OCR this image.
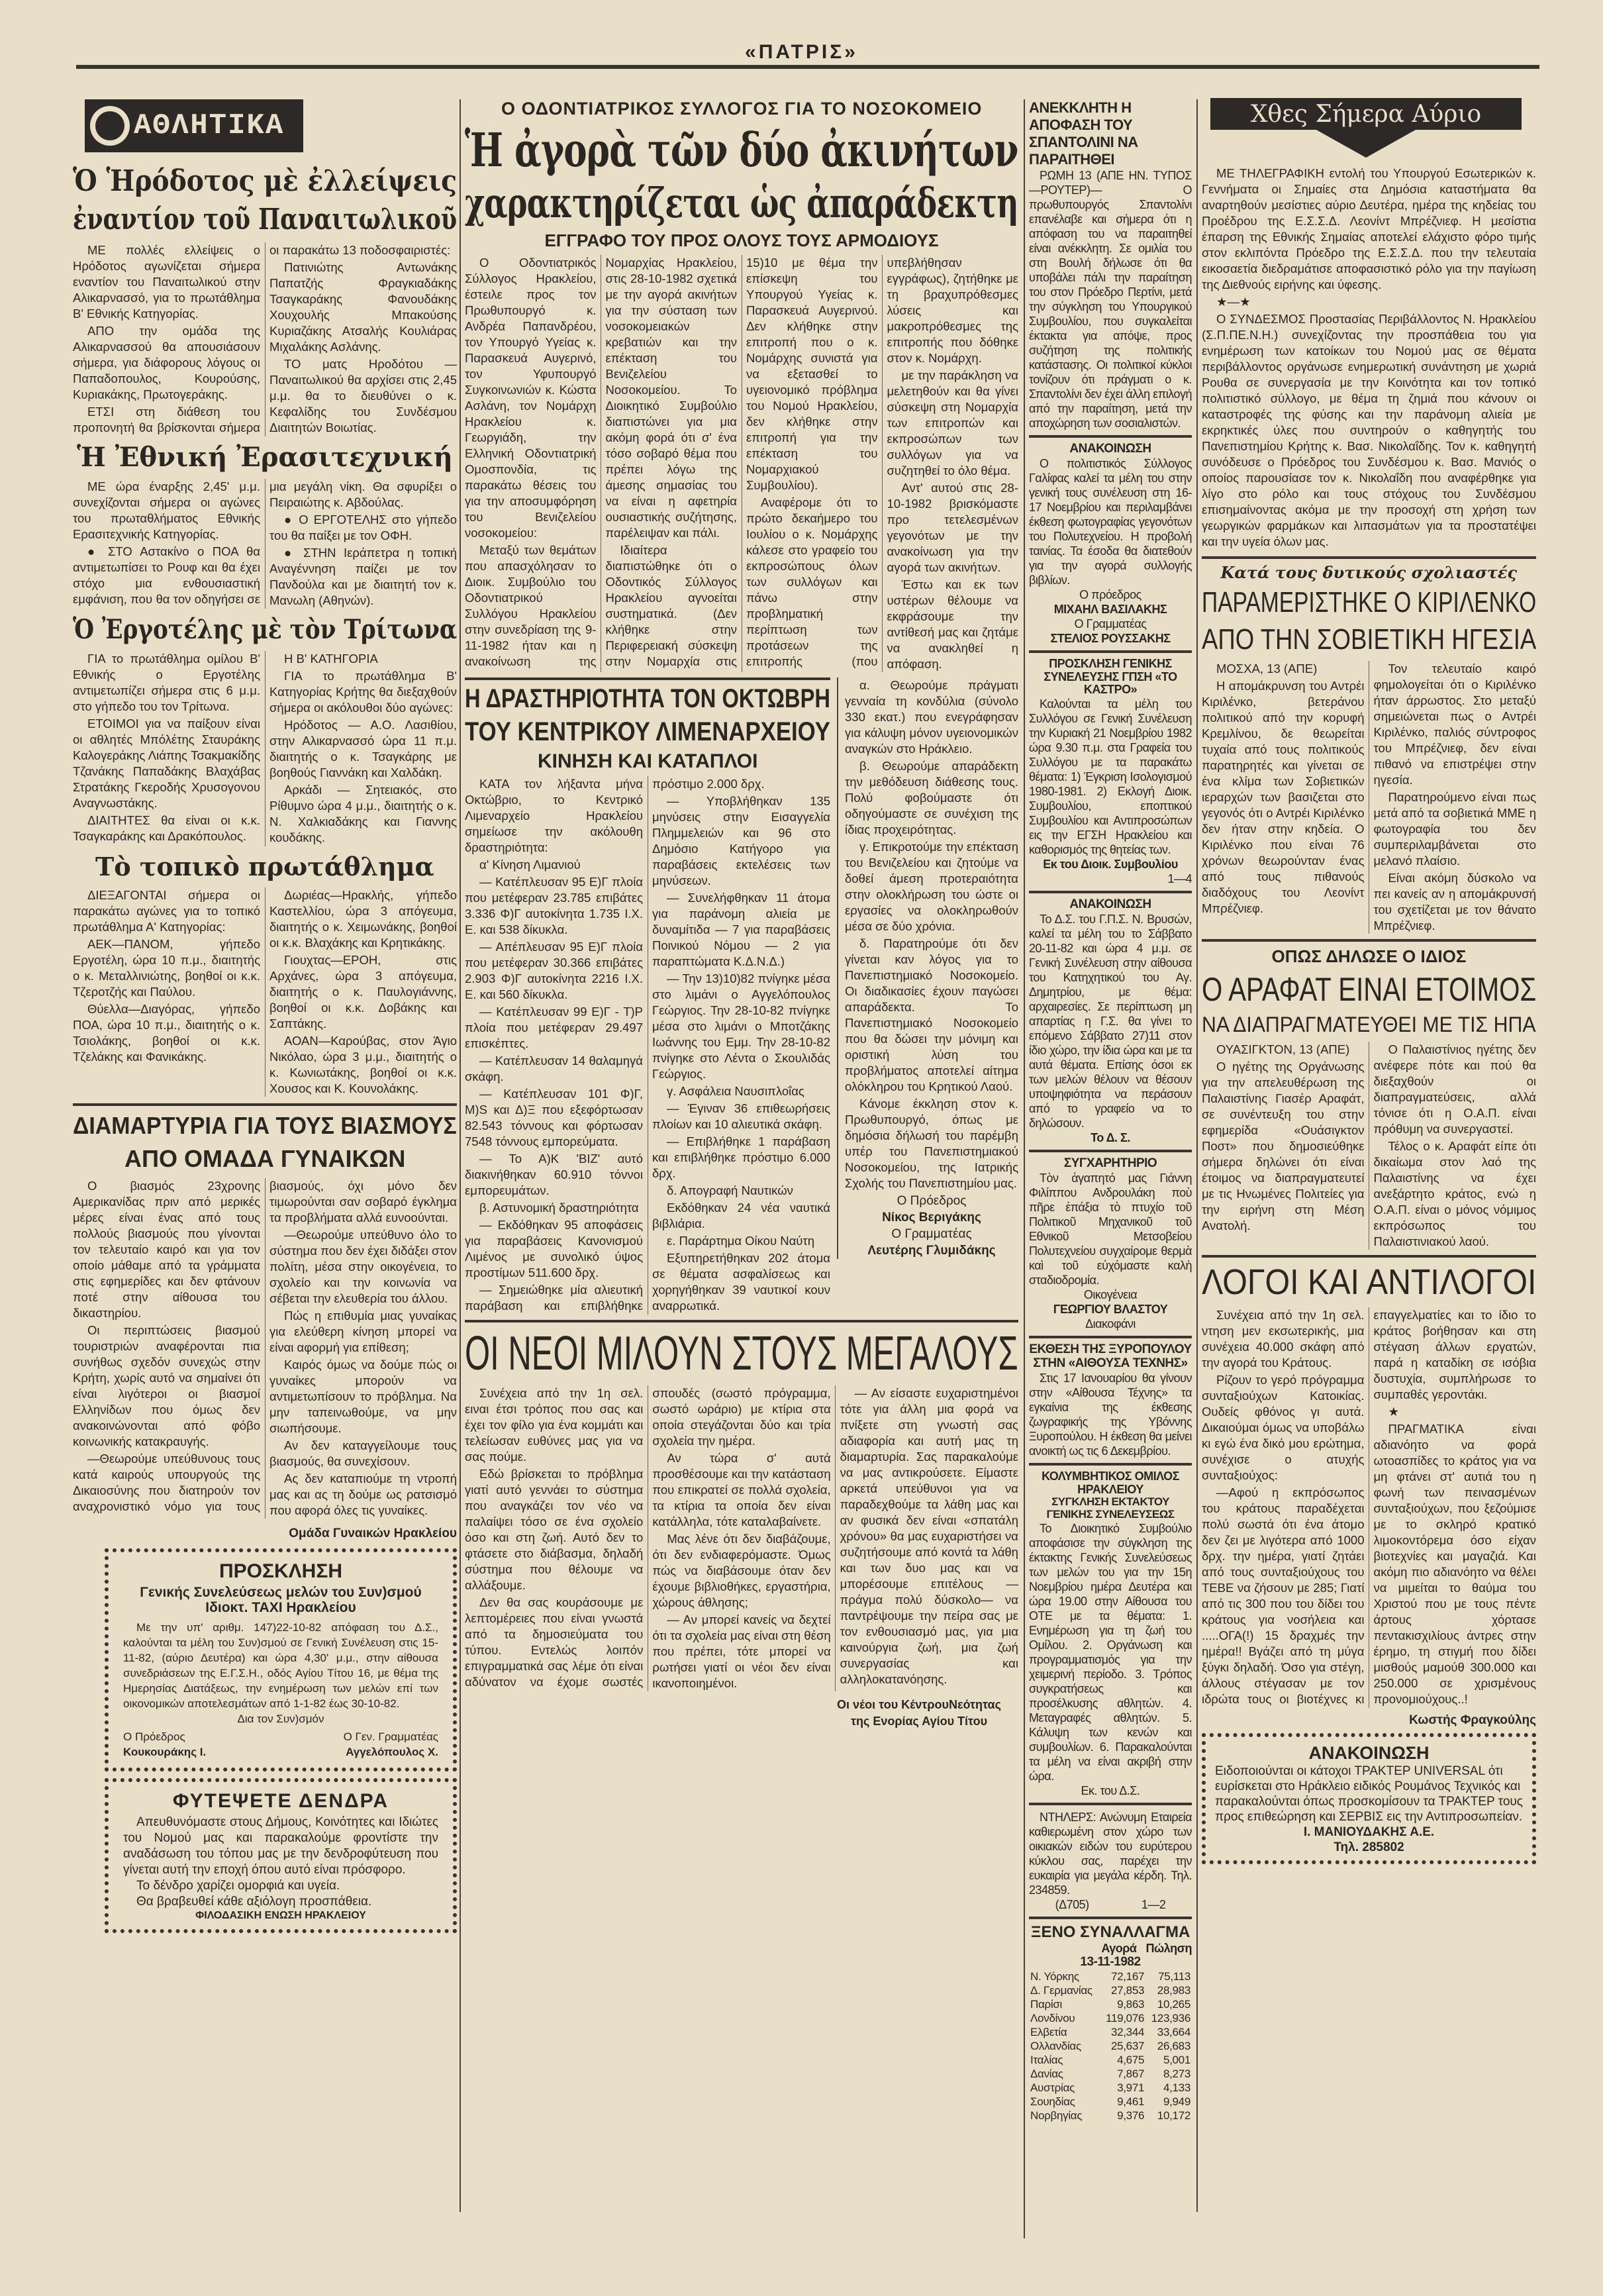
«ΠΑΤΡΙΣ»
ΑΘΛΗΤΙΚΑ
Ὁ Ἡρόδοτος μὲ ἐλλείψεις
ἐναντίον τοῦ Παναιτωλικοῦ

ΜΕ πολλές ελλείψεις ο Ηρόδοτος αγωνίζεται σήμερα εναντίον του Παναιτωλικού στην Αλικαρνασσό, για το πρωτάθλημα Β' Εθνικής Κατηγορίας.

ΑΠΟ την ομάδα της Αλικαρνασσού θα απουσιάσουν σήμερα, για διάφορους λόγους οι Παπαδοπουλος, Κουρούσης, Κυριακάκης, Πρωτογεράκης.

ΕΤΣΙ στη διάθεση του προπονητή θα βρίσκονται σήμερα οι παρακάτω 13 ποδοσφαιριστές:

Πατινιώτης Αντωνάκης Παπατζής Φραγκιαδάκης Τσαγκαράκης Φανουδάκης Χουχουλής Μπακούσης Κυριαζάκης Ατσαλής Κουλιάρας Μιχαλάκης Ασλάνης.

ΤΟ ματς Ηροδότου — Παναιτωλικού θα αρχίσει στις 2,45 μ.μ. θα το διευθύνει ο κ. Κεφαλίδης του Συνδέσμου Διαιτητών Βοιωτίας.

Ἡ Ἐθνική Ἐρασιτεχνική

ΜΕ ώρα έναρξης 2,45' μ.μ. συνεχίζονται σήμερα οι αγώνες του πρωταθλήματος Εθνικής Ερασιτεχνικής Κατηγορίας.

● ΣΤΟ Αστακίνο ο ΠΟΑ θα αντιμετωπίσει το Ρουφ και θα έχει στόχο μια ενθουσιαστική εμφάνιση, που θα τον οδηγήσει σε μια μεγάλη νίκη. Θα σφυρίξει ο Πειραιώτης κ. Αβδούλας.

● Ο ΕΡΓΟΤΕΛΗΣ στο γήπεδο του θα παίξει με τον ΟΦΗ.

● ΣΤΗΝ Ιεράπετρα η τοπική Αναγέννηση παίζει με τον Πανδούλα και με διαιτητή τον κ. Μανωλη (Αθηνών).

Ὁ Ἐργοτέλης μὲ τὸν Τρίτωνα

ΓΙΑ το πρωτάθλημα ομίλου Β' Εθνικής ο Εργοτέλης αντιμετωπίζει σήμερα στις 6 μ.μ. στο γήπεδο του τον Τρίτωνα.

ΕΤΟΙΜΟΙ για να παίξουν είναι οι αθλητές Μπόλέτης Σταυράκης Καλογεράκης Λιάπης Τσακμακίδης Τζανάκης Παπαδάκης Βλαχάβας Στρατάκης Γκεροδής Χρυσογονου Αναγνωστάκης.

ΔΙΑΙΤΗΤΕΣ θα είναι οι κ.κ. Τσαγκαράκης και Δρακόπουλος.

Η Β' ΚΑΤΗΓΟΡΙΑ

ΓΙΑ το πρωτάθλημα Β' Κατηγορίας Κρήτης θα διεξαχθούν σήμερα οι ακόλουθοι δύο αγώνες:

Ηρόδοτος — Α.Ο. Λασιθίου, στην Αλικαρνασσό ώρα 11 π.μ. διαιτητής ο κ. Τσαγκάρης με βοηθούς Γιαννάκη και Χαλδάκη.

Αρκάδι — Σητειακός, στο Ρίθυμνο ώρα 4 μ.μ., διαιτητής ο κ. Ν. Χαλκιαδάκης και Γιαννης κουδάκης.

Τὸ τοπικὸ πρωτάθλημα

ΔΙΕΞΑΓΟΝΤΑΙ σήμερα οι παρακάτω αγώνες για το τοπικό πρωτάθλημα Α' Κατηγορίας:

ΑΕΚ—ΠΑΝΟΜ, γήπεδο Εργοτέλη, ώρα 10 π.μ., διαιτητής ο κ. Μεταλλινιώτης, βοηθοί οι κ.κ. Τζεροτζής και Παύλου.

Θύελλα—Διαγόρας, γήπεδο ΠΟΑ, ώρα 10 π.μ., διαιτητής ο κ. Τσιολάκης, βοηθοί οι κ.κ. Τζελάκης και Φανικάκης.

Δωριέας—Ηρακλής, γήπεδο Καστελλίου, ώρα 3 απόγευμα, διαιτητής ο κ. Χειμωνάκης, βοηθοί οι κ.κ. Βλαχάκης και Κρητικάκης.

Γιουχτας—ΕΡΟΗ, στις Αρχάνες, ώρα 3 απόγευμα, διαιτητής ο κ. Παυλογιάννης, βοηθοί οι κ.κ. Δοβάκης και Σαπτάκης.

ΑΟΑΝ—Καρούβας, στον Άγιο Νικόλαο, ώρα 3 μ.μ., διαιτητής ο κ. Κωνιωτάκης, βοηθοί οι κ.κ. Χουσος και Κ. Κουνολάκης.

ΔΙΑΜΑΡΤΥΡΙΑ ΓΙΑ ΤΟΥΣ ΒΙΑΣΜΟΥΣ
ΑΠΟ ΟΜΑΔΑ ΓΥΝΑΙΚΩΝ

Ο βιασμός 23χρονης Αμερικανίδας πριν από μερικές μέρες είναι ένας από τους πολλούς βιασμούς που γίνονται τον τελευταίο καιρό και για τον οποίο μάθαμε από τα γράμματα στις εφημερίδες και δεν φτάνουν ποτέ στην αίθουσα του δικαστηρίου.

Οι περιπτώσεις βιασμού τουριστριών αναφέρονται πια συνήθως σχεδόν συνεχώς στην Κρήτη, χωρίς αυτό να σημαίνει ότι είναι λιγότεροι οι βιασμοί Ελληνίδων που όμως δεν ανακοινώνονται από φόβο κοινωνικής κατακραυγής.

—Θεωρούμε υπεύθυνους τους κατά καιρούς υπουργούς της Δικαιοσύνης που διατηρούν τον αναχρονιστικό νόμο για τους βιασμούς, όχι μόνο δεν τιμωρούνται σαν σοβαρό έγκλημα τα προβλήματα αλλά ευνοούνται.

—Θεωρούμε υπεύθυνο όλο το σύστημα που δεν έχει διδάξει στον πολίτη, μέσα στην οικογένεια, το σχολείο και την κοινωνία να σέβεται την ελευθερία του άλλου.

Πώς η επιθυμία μιας γυναίκας για ελεύθερη κίνηση μπορεί να είναι αφορμή για επίθεση;

Καιρός όμως να δούμε πώς οι γυναίκες μπορούν να αντιμετωπίσουν το πρόβλημα. Να μην ταπεινωθούμε, να μην σιωπήσουμε.

Αν δεν καταγγείλουμε τους βιασμούς, θα συνεχίσουν.

Ας δεν καταπιούμε τη ντροπή μας και ας τη δούμε ως ρατσισμό που αφορά όλες τις γυναίκες.

Ομάδα Γυναικών Ηρακλείου
ΠΡΟΣΚΛΗΣΗ
Γενικής Συνελεύσεως μελών του Συν)σμού
Ιδιοκτ. ΤΑΧΙ Ηρακλείου
Με την υπ' αριθμ. 147)22-10-82 απόφαση του Δ.Σ., καλούνται τα μέλη του Συν)σμού σε Γενική Συνέλευση στις 15-11-82, (αύριο Δευτέρα) και ώρα 4,30' μ.μ., στην αίθουσα συνεδριάσεων της Ε.Γ.Σ.Η., οδός Αγίου Τίτου 16, με θέμα της Ημερησίας Διατάξεως, την ενημέρωση των μελών επί των οικονομικών αποτελεσμάτων από 1-1-82 έως 30-10-82.
Δια τον Συν)σμόν
Ο Πρόεδρος
Κουκουράκης Ι.
Ο Γεν. Γραμματέας
Αγγελόπουλος Χ.
ΦΥΤΕΨΕΤΕ ΔΕΝΔΡΑ
Απευθυνόμαστε στους Δήμους, Κοινότητες και Ιδιώτες του Νομού μας και παρακαλούμε φροντίστε την αναδάσωση του τόπου μας με την δενδροφύτευση που γίνεται αυτή την εποχή όπου αυτό είναι πρόσφορο.
Το δένδρο χαρίζει ομορφιά και υγεία.
Θα βραβευθεί κάθε αξιόλογη προσπάθεια.
ΦΙΛΟΔΑΣΙΚΗ ΕΝΩΣΗ ΗΡΑΚΛΕΙΟΥ
Ο ΟΔΟΝΤΙΑΤΡΙΚΟΣ ΣΥΛΛΟΓΟΣ ΓΙΑ ΤΟ ΝΟΣΟΚΟΜΕΙΟ
Ἡ ἀγορὰ τῶν δύο ἀκινήτων
χαρακτηρίζεται ὡς ἀπαράδεκτη
ΕΓΓΡΑΦΟ ΤΟΥ ΠΡΟΣ ΟΛΟΥΣ ΤΟΥΣ ΑΡΜΟΔΙΟΥΣ

Ο Οδοντιατρικός Σύλλογος Ηρακλείου, έστειλε προς τον Πρωθυπουργό κ. Ανδρέα Παπανδρέου, τον Υπουργό Υγείας κ. Παρασκευά Αυγερινό, τον Υφυπουργό Συγκοινωνιών κ. Κώστα Ασλάνη, τον Νομάρχη Ηρακλείου κ. Γεωργιάδη, την Ελληνική Οδοντιατρική Ομοσπονδία, τις παρακάτω θέσεις του για την αποσυμφόρηση του Βενιζελείου νοσοκομείου:

Μεταξύ των θεμάτων που απασχόλησαν το Διοικ. Συμβούλιο του Οδοντιατρικού Συλλόγου Ηρακλείου στην συνεδρίαση της 9-11-1982 ήταν και η ανακοίνωση της Νομαρχίας Ηρακλείου, στις 28-10-1982 σχετικά με την αγορά ακινήτων για την σύσταση των νοσοκομειακών κρεβατιών και την επέκταση του Βενιζελείου Νοσοκομείου. Το Διοικητικό Συμβούλιο διαπιστώνει για μια ακόμη φορά ότι σ' ένα τόσο σοβαρό θέμα που πρέπει λόγω της άμεσης σημασίας του να είναι η αφετηρία ουσιαστικής συζήτησης, παρέλειψαν και πάλι.

Ιδιαίτερα διαπιστώθηκε ότι ο Οδοντικός Σύλλογος Ηρακλείου αγνοείται συστηματικά. (Δεν κλήθηκε στην Περιφερειακή σύσκεψη στην Νομαρχία στις 15)10 με θέμα την επίσκεψη του Υπουργού Υγείας κ. Παρασκευά Αυγερινού. Δεν κλήθηκε στην επιτροπή που ο κ. Νομάρχης συνιστά για να εξετασθεί το υγειονομικό πρόβλημα του Νομού Ηρακλείου, δεν κλήθηκε στην επιτροπή για την επέκταση του Νομαρχιακού Συμβουλίου).

Αναφέρομε ότι το πρώτο δεκαήμερο του Ιουλίου ο κ. Νομάρχης κάλεσε στο γραφείο του εκπροσώπους όλων των συλλόγων και πάνω στην προβληματική περίπτωση των προτάσεων της επιτροπής (που υπεβλήθησαν εγγράφως), ζητήθηκε με τη βραχυπρόθεσμες λύσεις και μακροπρόθεσμες της επιτροπής που δόθηκε στον κ. Νομάρχη.

με την παράκληση να μελετηθούν και θα γίνει σύσκεψη στη Νομαρχία των επιτροπών και εκπροσώπων των συλλόγων για να συζητηθεί το όλο θέμα.

Αντ' αυτού στις 28-10-1982 βρισκόμαστε προ τετελεσμένων γεγονότων με την ανακοίνωση για την αγορά των ακινήτων.

Έστω και εκ των υστέρων θέλουμε να εκφράσουμε την αντίθεσή μας και ζητάμε να ανακληθεί η απόφαση.

Η ΔΡΑΣΤΗΡΙΟΤΗΤΑ ΤΟΝ ΟΚΤΩΒΡΗ
ΤΟΥ ΚΕΝΤΡΙΚΟΥ ΛΙΜΕΝΑΡΧΕΙΟΥ
ΚΙΝΗΣΗ ΚΑΙ ΚΑΤΑΠΛΟΙ

ΚΑΤΑ τον λήξαντα μήνα Οκτώβριο, το Κεντρικό Λιμεναρχείο Ηρακλείου σημείωσε την ακόλουθη δραστηριότητα:

α' Κίνηση Λιμανιού

— Κατέπλευσαν 95 Ε)Γ πλοία που μετέφεραν 23.785 επιβάτες 3.336 Φ)Γ αυτοκίνητα 1.735 Ι.Χ. Ε. και 538 δίκυκλα.

— Απέπλευσαν 95 Ε)Γ πλοία που μετέφεραν 30.366 επιβάτες 2.903 Φ)Γ αυτοκίνητα 2216 Ι.Χ. Ε. και 560 δίκυκλα.

— Κατέπλευσαν 99 Ε)Γ - Τ)Ρ πλοία που μετέφεραν 29.497 επισκέπτες.

— Κατέπλευσαν 14 θαλαμηγά σκάφη.

— Κατέπλευσαν 101 Φ)Γ, Μ)S και Δ)Ξ που εξεφόρτωσαν 82.543 τόννους και φόρτωσαν 7548 τόννους εμπορεύματα.

— Το Α)Κ 'ΒΙΖ' αυτό διακινήθηκαν 60.910 τόννοι εμπορευμάτων.

β. Αστυνομική δραστηριότητα

— Εκδόθηκαν 95 αποφάσεις για παραβάσεις Κανονισμού Λιμένος με συνολικό ύψος προστίμων 511.600 δρχ.

— Σημειώθηκε μία αλιευτική παράβαση και επιβλήθηκε πρόστιμο 2.000 δρχ.

— Υποβλήθηκαν 135 μηνύσεις στην Εισαγγελία Πλημμελειών και 96 στο Δημόσιο Κατήγορο για παραβάσεις εκτελέσεις των μηνύσεων.

— Συνελήφθηκαν 11 άτομα για παράνομη αλιεία με δυναμίτιδα — 7 για παραβάσεις Ποινικού Νόμου — 2 για παραπτώματα Κ.Δ.Ν.Δ.)

— Την 13)10)82 πνίγηκε μέσα στο λιμάνι ο Αγγελόπουλος Γεώργιος. Την 28-10-82 πνίγηκε μέσα στο λιμάνι ο Μποτζάκης Ιωάννης του Εμμ. Την 28-10-82 πνίγηκε στο Λέντα ο Σκουλιδάς Γεώργιος.

γ. Ασφάλεια Ναυσιπλοΐας

— Έγιναν 36 επιθεωρήσεις πλοίων και 10 αλιευτικά σκάφη.

— Επιβλήθηκε 1 παράβαση και επιβλήθηκε πρόστιμο 6.000 δρχ.

δ. Απογραφή Ναυτικών

Εκδόθηκαν 24 νέα ναυτικά βιβλιάρια.

ε. Παράρτημα Οίκου Ναύτη

Εξυπηρετήθηκαν 202 άτομα σε θέματα ασφαλίσεως και χορηγήθηκαν 39 ναυτικοί κουν αναρρωτικά.

α. Θεωρούμε πράγματι γενναία τη κονδύλια (σύνολο 330 εκατ.) που ενεγράφησαν για κάλυψη μόνον υγειονομικών αναγκών στο Ηράκλειο.

β. Θεωρούμε απαράδεκτη την μεθόδευση διάθεσης τους. Πολύ φοβούμαστε ότι οδηγούμαστε σε συνέχιση της ίδιας προχειρότητας.

γ. Επικροτούμε την επέκταση του Βενιζελείου και ζητούμε να δοθεί άμεση προτεραιότητα στην ολοκλήρωση του ώστε οι εργασίες να ολοκληρωθούν μέσα σε δύο χρόνια.

δ. Παρατηρούμε ότι δεν γίνεται καν λόγος για το Πανεπιστημιακό Νοσοκομείο. Οι διαδικασίες έχουν παγώσει απαράδεκτα. Το Πανεπιστημιακό Νοσοκομείο που θα δώσει την μόνιμη και οριστική λύση του προβλήματος αποτελεί αίτημα ολόκληρου του Κρητικού Λαού.

Κάνομε έκκληση στον κ. Πρωθυπουργό, όπως με δημόσια δήλωσή του παρέμβη υπέρ του Πανεπιστημιακού Νοσοκομείου, της Ιατρικής Σχολής του Πανεπιστημίου μας.

Ο Πρόεδρος
Νίκος Βεριγάκης
Ο Γραμματέας
Λευτέρης Γλυμιδάκης
ΟΙ ΝΕΟΙ ΜΙΛΟΥΝ ΣΤΟΥΣ ΜΕΓΑΛΟΥΣ

Συνέχεια από την 1η σελ. ειναι έτσι τρόπος που σας και έχει τον φίλο για ένα κομμάτι και τελείωσαν ευθύνες μας για να σας πούμε.

Εδώ βρίσκεται το πρόβλημα γιατί αυτό γεννάει το σύστημα που αναγκάζει τον νέο να παλαίψει τόσο σε ένα σχολείο όσο και στη ζωή. Αυτό δεν το φτάσετε στο διάβασμα, δηλαδή σύστημα που θέλουμε να αλλάξουμε.

Δεν θα σας κουράσουμε με λεπτομέρειες που είναι γνωστά από τα δημοσιεύματα του τύπου. Εντελώς λοιπόν επιγραμματικά σας λέμε ότι είναι αδύνατον να έχομε σωστές σπουδές (σωστό πρόγραμμα, σωστό ωράριο) με κτίρια στα οποία στεγάζονται δύο και τρία σχολεία την ημέρα.

Αν τώρα σ' αυτά προσθέσουμε και την κατάσταση που επικρατεί σε πολλά σχολεία, τα κτίρια τα οποία δεν είναι κατάλληλα, τότε καταλαβαίνετε.

Μας λένε ότι δεν διαβάζουμε, ότι δεν ενδιαφερόμαστε. Όμως πώς να διαβάσουμε όταν δεν έχουμε βιβλιοθήκες, εργαστήρια, χώρους άθλησης;

— Αν μπορεί κανείς να δεχτεί ότι τα σχολεία μας είναι στη θέση που πρέπει, τότε μπορεί να ρωτήσει γιατί οι νέοι δεν είναι ικανοποιημένοι.

— Αν είσαστε ευχαριστημένοι τότε για άλλη μια φορά να πνίξετε στη γνωστή σας αδιαφορία και αυτή μας τη διαμαρτυρία. Σας παρακαλούμε να μας αντικρούσετε. Είμαστε αρκετά υπεύθυνοι για να παραδεχθούμε τα λάθη μας και αν φυσικά δεν είναι «σπατάλη χρόνου» θα μας ευχαριστήσει να συζητήσουμε από κοντά τα λάθη και των δυο μας και να μπορέσουμε επιτέλους —πράγμα πολύ δύσκολο— να παντρέψουμε την πείρα σας με τον ενθουσιασμό μας, για μια καινούργια ζωή, μια ζωή συνεργασίας και αλληλοκατανόησης.

Οι νέοι του ΚέντρουΝεότητας
της Ενορίας Αγίου Τίτου
ΑΝΕΚΚΛΗΤΗ Η ΑΠΟΦΑΣΗ ΤΟΥ ΣΠΑΝΤΟΛΙΝΙ ΝΑ ΠΑΡΑΙΤΗΘΕΙ
ΡΩΜΗ 13 (ΑΠΕ ΗΝ. ΤΥΠΟΣ —ΡΟΥΤΕΡ)— Ο πρωθυπουργός Σπαντολίνι επανέλαβε και σήμερα ότι η απόφαση του να παραιτηθεί είναι ανέκκλητη. Σε ομιλία του στη Βουλή δήλωσε ότι θα υποβάλει πάλι την παραίτηση του στον Πρόεδρο Περτίνι, μετά την σύγκληση του Υπουργικού Συμβουλίου, που συγκαλείται έκτακτα για απόψε, προς συζήτηση της πολιτικής κατάστασης. Οι πολιτικοί κύκλοι τονίζουν ότι πράγματι ο κ. Σπαντολίνι δεν έχει άλλη επιλογή από την παραίτηση, μετά την αποχώρηση των σοσιαλιστών.
ΑΝΑΚΟΙΝΩΣΗ
Ο πολιτιστικός Σύλλογος Γαλίφας καλεί τα μέλη του στην γενική τους συνέλευση στη 16-17 Νοεμβρίου και περιλαμβάνει έκθεση φωτογραφίας γεγονότων του Πολυτεχνείου. Η προβολή ταινίας. Τα έσοδα θα διατεθούν για την αγορά συλλογής βιβλίων.
Ο πρόεδρος
ΜΙΧΑΗΛ ΒΑΣΙΛΑΚΗΣ
Ο Γραμματέας
ΣΤΕΛΙΟΣ ΡΟΥΣΣΑΚΗΣ
ΠΡΟΣΚΛΗΣΗ ΓΕΝΙΚΗΣ ΣΥΝΕΛΕΥΣΗΣ ΓΠΣΗ «ΤΟ ΚΑΣΤΡΟ»
Καλούνται τα μέλη του Συλλόγου σε Γενική Συνέλευση την Κυριακή 21 Νοεμβρίου 1982 ώρα 9.30 π.μ. στα Γραφεία του Συλλόγου με τα παρακάτω θέματα: 1) Έγκριση Ισολογισμού 1980-1981. 2) Εκλογή Διοικ. Συμβουλίου, εποπτικού Συμβουλίου και Αντιπροσώπων εις την ΕΓΣΗ Ηρακλείου και καθορισμός της θητείας των.
Εκ του Διοικ. Συμβουλίου
1—4
ΑΝΑΚΟΙΝΩΣΗ
Το Δ.Σ. του Γ.Π.Σ. Ν. Βρυσών, καλεί τα μέλη του το Σάββατο 20-11-82 και ώρα 4 μ.μ. σε Γενική Συνέλευση στην αίθουσα του Κατηχητικού του Αγ. Δημητρίου, με θέμα: αρχαιρεσίες. Σε περίπτωση μη απαρτίας η Γ.Σ. θα γίνει το επόμενο Σάββατο 27)11 στον ίδιο χώρο, την ίδια ώρα και με τα αυτά θέματα. Επίσης όσοι εκ των μελών θέλουν να θέσουν υποψηφιότητα να περάσουν από το γραφείο να το δηλώσουν.
Το Δ. Σ.
ΣΥΓΧΑΡΗΤΗΡΙΟ
Τὸν ἀγαπητό μας Γιάννη Φιλίππου Ανδρουλάκη ποὺ πῆρε ἐπάξια τὸ πτυχίο τοῦ Πολιτικοῦ Μηχανικοῦ τοῦ Εθνικοῦ Μετσοβείου Πολυτεχνείου συγχαίρομε θερμὰ καὶ τοῦ εὐχόμαστε καλὴ σταδιοδρομία.
Οικογένεια
ΓΕΩΡΓΙΟΥ ΒΛΑΣΤΟΥ
Διακοφάνι
ΕΚΘΕΣΗ ΤΗΣ ΞΥΡΟΠΟΥΛΟΥ ΣΤΗΝ «ΑΙΘΟΥΣΑ ΤΕΧΝΗΣ»
Στις 17 Ιανουαρίου θα γίνουν στην «Αίθουσα Τέχνης» τα εγκαίνια της έκθεσης ζωγραφικής της Υβόννης Ξυροπούλου. Η έκθεση θα μείνει ανοικτή ως τις 6 Δεκεμβρίου.
ΚΟΛΥΜΒΗΤΙΚΟΣ ΟΜΙΛΟΣ ΗΡΑΚΛΕΙΟΥ
ΣΥΓΚΛΗΣΗ ΕΚΤΑΚΤΟΥ ΓΕΝΙΚΗΣ ΣΥΝΕΛΕΥΣΕΩΣ
Το Διοικητικό Συμβούλιο αποφάσισε την σύγκληση της έκτακτης Γενικής Συνελεύσεως των μελών του για την 15η Νοεμβρίου ημέρα Δευτέρα και ώρα 19.00 στην Αίθουσα του ΟΤΕ με τα θέματα: 1. Ενημέρωση για τη ζωή του Ομίλου. 2. Οργάνωση και προγραμματισμός για την χειμερινή περίοδο. 3. Τρόπος συγκρατήσεως και προσέλκυσης αθλητών. 4. Μεταγραφές αθλητών. 5. Κάλυψη των κενών και συμβουλίων. 6. Παρακαλούνται τα μέλη να είναι ακριβή στην ώρα.
Εκ. του Δ.Σ.
ΝΤΗΛΕΡΣ: Ανώνυμη Εταιρεία καθιερωμένη στον χώρο των οικιακών ειδών του ευρύτερου κύκλου σας, παρέχει την ευκαιρία για μεγάλα κέρδη. Τηλ. 234859.
(Δ705)	1—2
ΞΕΝΟ ΣΥΝΑΛΛΑΓΜΑ
Αγορά Πώληση
13-11-1982
Ν. Υόρκης	72,167	75,113
Δ. Γερμανίας	27,853	28,983
Παρίσι	9,863	10,265
Λονδίνου	119,076	123,936
Ελβετία	32,344	33,664
Ολλανδίας	25,637	26,683
Ιταλίας	4,675	5,001
Δανίας	7,867	8,273
Αυστρίας	3,971	4,133
Σουηδίας	9,461	9,949
Νορβηγίας	9,376	10,172
Χθες Σήμερα Αύριο

ΜΕ ΤΗΛΕΓΡΑΦΙΚΗ εντολή του Υπουργού Εσωτερικών κ. Γεννήματα οι Σημαίες στα Δημόσια καταστήματα θα αναρτηθούν μεσίστιες αύριο Δευτέρα, ημέρα της κηδείας του Προέδρου της Ε.Σ.Σ.Δ. Λεονίντ Μπρέζνιεφ. Η μεσίστια έπαρση της Εθνικής Σημαίας αποτελεί ελάχιστο φόρο τιμής στον εκλιπόντα Πρόεδρο της Ε.Σ.Σ.Δ. που την τελευταία εικοσαετία διεδραμάτισε αποφασιστικό ρόλο για την παγίωση της Διεθνούς ειρήνης και ύφεσης.

★—★

Ο ΣΥΝΔΕΣΜΟΣ Προστασίας Περιβάλλοντος Ν. Ηρακλείου (Σ.Π.ΠΕ.Ν.Η.) συνεχίζοντας την προσπάθεια του για ενημέρωση των κατοίκων του Νομού μας σε θέματα περιβάλλοντος οργάνωσε ενημερωτική συνάντηση με χωριά Ρουθα σε συνεργασία με την Κοινότητα και τον τοπικό πολιτιστικό σύλλογο, με θέμα τη ζημιά που κάνουν οι καταστροφές της φύσης και την παράνομη αλιεία με εκρηκτικές ύλες που συντηρούν ο καθηγητής του Πανεπιστημίου Κρήτης κ. Βασ. Νικολαΐδης. Τον κ. καθηγητή συνόδευσε ο Πρόεδρος του Συνδέσμου κ. Βασ. Μανιός ο οποίος παρουσίασε τον κ. Νικολαΐδη που αναφέρθηκε για λίγο στο ρόλο και τους στόχους του Συνδέσμου επισημαίνοντας ακόμα με την προσοχή στη χρήση των γεωργικών φαρμάκων και λιπασμάτων για τα προστατέψει και την υγεία όλων μας.

Κατά τους δυτικούς σχολιαστές
ΠΑΡΑΜΕΡΙΣΤΗΚΕ Ο ΚΙΡΙΛΕΝΚΟ
ΑΠΟ ΤΗΝ ΣΟΒΙΕΤΙΚΗ ΗΓΕΣΙΑ

ΜΟΣΧΑ, 13 (ΑΠΕ)

Η απομάκρυνση του Αντρέι Κιριλένκο, βετεράνου πολιτικού από την κορυφή Κρεμλίνου, δε θεωρείται τυχαία από τους πολιτικούς παρατηρητές και γίνεται σε ένα κλίμα των Σοβιετικών ιεραρχών των βασιζεται στο γεγονός ότι ο Αντρέι Κιριλένκο δεν ήταν στην κηδεία. Ο Κιριλένκο που είναι 76 χρόνων θεωρούνταν ένας από τους πιθανούς διαδόχους του Λεονίντ Μπρέζνιεφ.

Τον τελευταίο καιρό φημολογείται ότι ο Κιριλένκο ήταν άρρωστος. Στο μεταξύ σημειώνεται πως ο Αντρέι Κιριλένκο, παλιός σύντροφος του Μπρέζνιεφ, δεν είναι πιθανό να επιστρέψει στην ηγεσία.

Παρατηρούμενο είναι πως μετά από τα σοβιετικά ΜΜΕ η φωτογραφία του δεν συμπεριλαμβάνεται στο μελανό πλαίσιο.

Είναι ακόμη δύσκολο να πει κανείς αν η απομάκρυνσή του σχετίζεται με τον θάνατο Μπρέζνιεφ.

ΟΠΩΣ ΔΗΛΩΣΕ Ο ΙΔΙΟΣ
Ο ΑΡΑΦΑΤ ΕΙΝΑΙ ΕΤΟΙΜΟΣ
ΝΑ ΔΙΑΠΡΑΓΜΑΤΕΥΘΕΙ ΜΕ ΤΙΣ ΗΠΑ

ΟΥΑΣΙΓΚΤΟΝ, 13 (ΑΠΕ)

Ο ηγέτης της Οργάνωσης για την απελευθέρωση της Παλαιστίνης Γιασέρ Αραφάτ, σε συνέντευξη του στην εφημερίδα «Ουάσιγκτον Ποστ» που δημοσιεύθηκε σήμερα δηλώνει ότι είναι έτοιμος να διαπραγματευτεί με τις Ηνωμένες Πολιτείες για την ειρήνη στη Μέση Ανατολή.

Ο Παλαιστίνιος ηγέτης δεν ανέφερε πότε και πού θα διεξαχθούν οι διαπραγματεύσεις, αλλά τόνισε ότι η Ο.Α.Π. είναι πρόθυμη να συνεργαστεί.

Τέλος ο κ. Αραφάτ είπε ότι δικαίωμα στον λαό της Παλαιστίνης να έχει ανεξάρτητο κράτος, ενώ η Ο.Α.Π. είναι ο μόνος νόμιμος εκπρόσωπος του Παλαιστινιακού λαού.

ΛΟΓΟΙ ΚΑΙ ΑΝΤΙΛΟΓΟΙ

Συνέχεια από την 1η σελ. ντηση μεν εκσωτερικής, μια συνέχεια 40.000 σκάφη από την αγορά του Κράτους.

Ρίζουν το γερό πρόγραμμα συνταξιούχων Κατοικίας. Ουδείς φθόνος γι αυτά. Δικαιούμαι όμως να υποβάλω κι εγώ ένα δικό μου ερώτημα, συνέχισε ο ατυχής συνταξιούχος:

—Αφού η εκπρόσωπος του κράτους παραδέχεται πολύ σωστά ότι ένα άτομο δεν ζει με λιγότερα από 1000 δρχ. την ημέρα, γιατί ζητάει από τους συνταξιούχους του ΤΕΒΕ να ζήσουν με 285; Γιατί από τις 300 που του δίδει του κράτους για νοσήλεια και .....ΟΓΑ(!) 15 δραχμές την ημέρα!! Βγάζει από τη μύγα ξύγκι δηλαδή. Όσο για στέγη, άλλους στέγασαν με τον ιδρώτα τους οι βιοτέχνες κι επαγγελματίες και το ίδιο το κράτος βοήθησαν και στη στέγαση άλλων εργατών, παρά η καταδίκη σε ισόβια δυστυχία, συμπλήρωσε το συμπαθές γεροντάκι.

★

ΠΡΑΓΜΑΤΙΚΑ είναι αδιανόητο να φορά ωτοασπίδες το κράτος για να μη φτάνει στ' αυτιά του η φωνή των πεινασμένων συνταξιούχων, που ξεζούμισε με το σκληρό κρατικό λιμοκοντόρεμα όσο είχαν βιοτεχνίες και μαγαζιά. Και ακόμη πιο αδιανόητο να θέλει να μιμείται το θαύμα του Χριστού που με τους πέντε άρτους χόρτασε πεντακισχιλίους άντρες στην έρημο, τη στιγμή που δίδει μισθούς μαμούθ 300.000 και 250.000 σε χρισμένους προνομιούχους..!

Κωστής Φραγκούλης
ΑΝΑΚΟΙΝΩΣΗ
Ειδοποιούνται οι κάτοχοι ΤΡΑΚΤΕΡ UNIVERSAL ότι ευρίσκεται στο Ηράκλειο ειδικός Ρουμάνος Τεχνικός και παρακαλούνται όπως προσκομίσουν τα ΤΡΑΚΤΕΡ τους προς επιθεώρηση και ΣΕΡΒΙΣ εις την Αντιπροσωπείαν.
Ι. ΜΑΝΙΟΥΔΑΚΗΣ Α.Ε.
Τηλ. 285802
